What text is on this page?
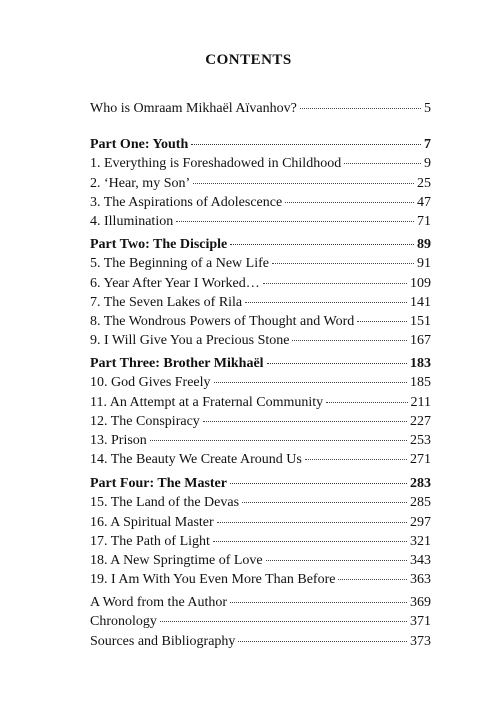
CONTENTS
Who is Omraam Mikhaël Aïvanhov?	5
Part One: Youth	7
1. Everything is Foreshadowed in Childhood	9
2. ‘Hear, my Son’	25
3. The Aspirations of Adolescence	47
4. Illumination	71
Part Two: The Disciple	89
5. The Beginning of a New Life	91
6. Year After Year I Worked…	109
7. The Seven Lakes of Rila	141
8. The Wondrous Powers of Thought and Word	151
9. I Will Give You a Precious Stone	167
Part Three: Brother Mikhaël	183
10. God Gives Freely	185
11. An Attempt at a Fraternal Community	211
12. The Conspiracy	227
13. Prison	253
14. The Beauty We Create Around Us	271
Part Four: The Master	283
15. The Land of the Devas	285
16. A Spiritual Master	297
17. The Path of Light	321
18. A New Springtime of Love	343
19. I Am With You Even More Than Before	363
A Word from the Author	369
Chronology	371
Sources and Bibliography	373
